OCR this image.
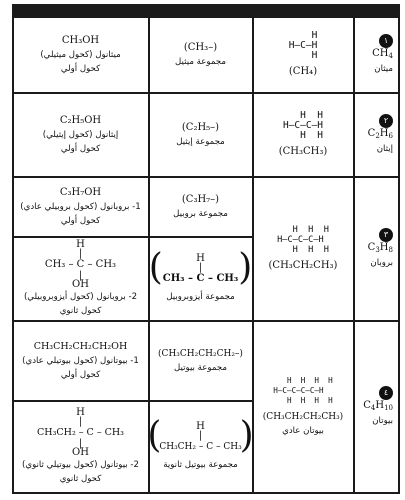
١
$CH_4$
ميثان
H
H—C—H
H
(CH₄)
(CH₃–)
مجموعة ميثيل
CH₃OH
ميثانول (كحول ميثيلي)
كحول أولي
٢
$C_2H_6$
إيثان
H  H
H–C–C–H
H  H
(CH₃CH₃)
(C₂H₅–)
مجموعة إيثيل
C₂H₅OH
إيثانول (كحول إيثيلي)
كحول أولي
٣
$C_3H_8$
بروبان
H  H  H
H–C–C–C–H
H  H  H
(CH₃CH₂CH₃)
(C₃H₇–)
مجموعة بروبيل
(	H
|
CH₃ – C – CH₃ )
مجموعة أيزوبروبيل
C₃H₇OH
1- بروبانول (كحول بروبيلي عادي)
كحول أولي
H
|
CH₃ – C – CH₃
|
OH
2- بروبانول (كحول أيزوبروبيلي)
كحول ثانوي
٤
$C_4H_{10}$
بيوتان
H  H  H  H
H–C–C–C–C–H
H  H  H  H
(CH₃CH₂CH₂CH₃)
بيوتان عادي
(CH₃CH₂CH₂CH₂–)
مجموعة بيوتيل
(	H
|
CH₃CH₂ – C – CH₃
)
مجموعة بيوتيل ثانوية
CH₃CH₂CH₂CH₂OH
1- بيوتانول (كحول بيوتيلي عادي)
كحول أولي
H
|
CH₃CH₂ – C – CH₃
|
OH
2- بيوتانول (كحول بيوتيلي ثانوي)
كحول ثانوي
